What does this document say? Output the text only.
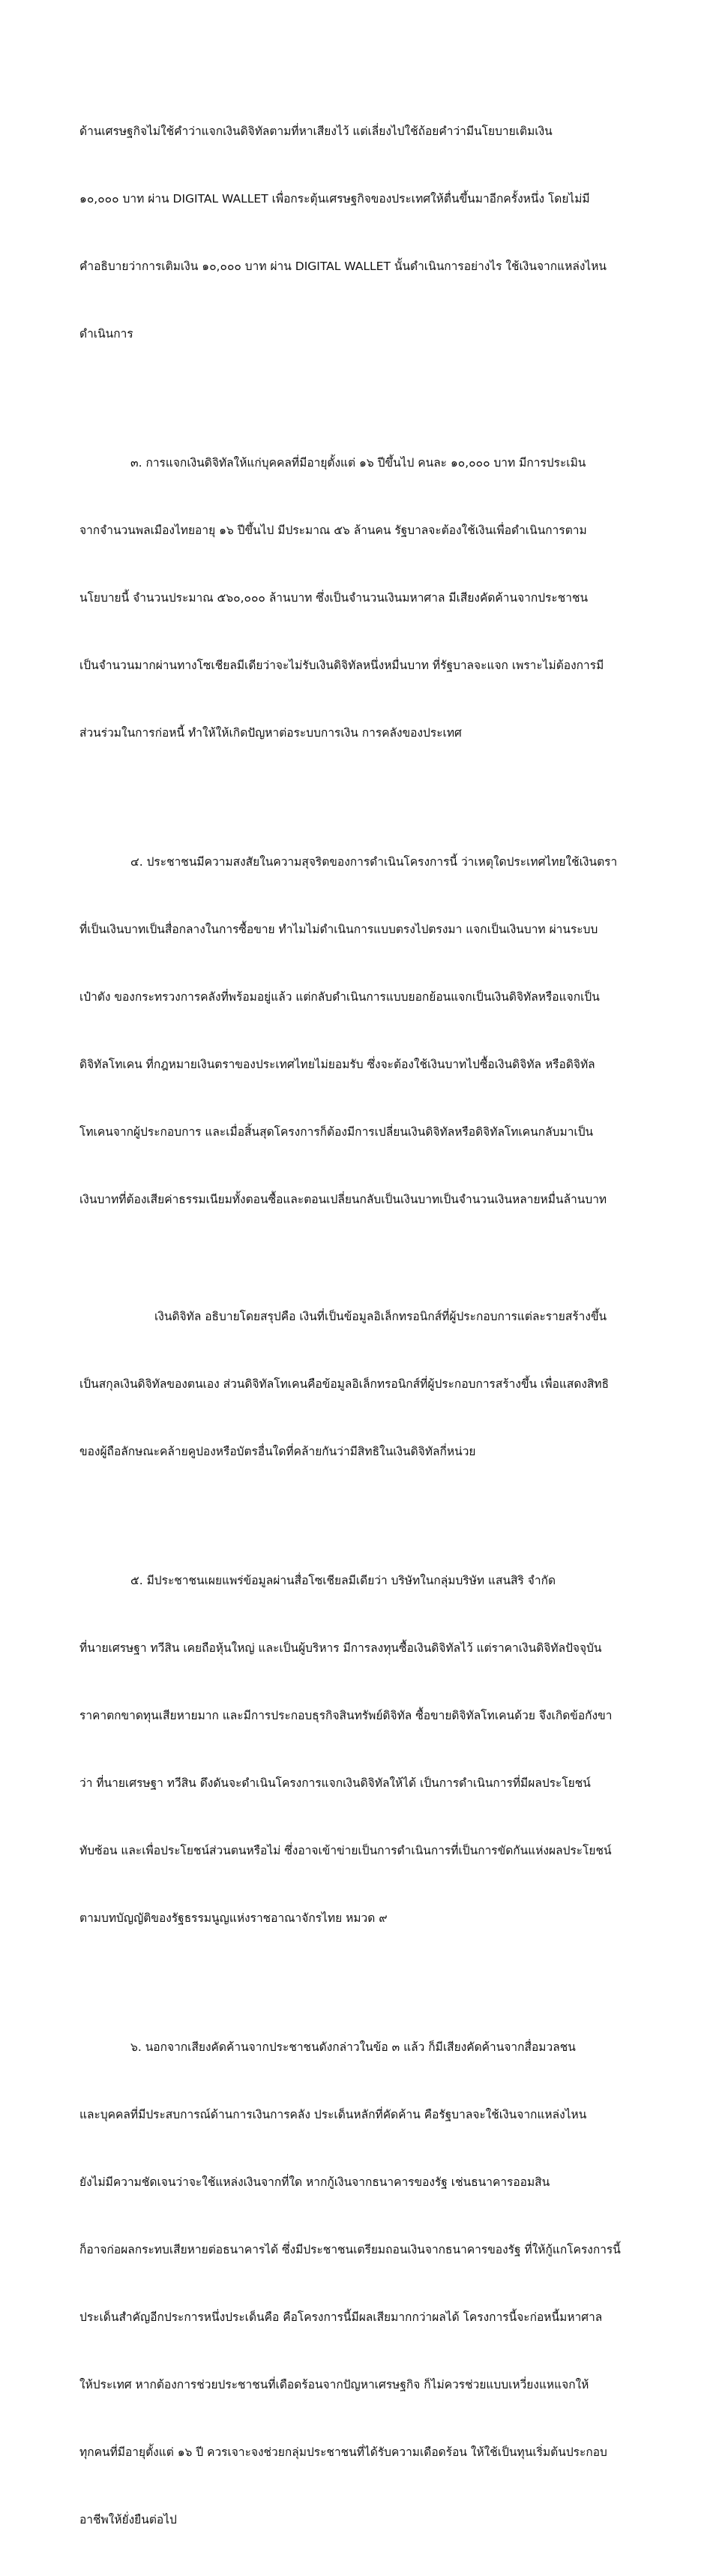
ด้านเศรษฐกิจไม่ใช้คำว่าแจกเงินดิจิทัลตามที่หาเสียงไว้ แต่เลี่ยงไปใช้ถ้อยคำว่ามีนโยบายเติมเงิน

๑๐,๐๐๐ บาท ผ่าน DIGITAL WALLET เพื่อกระตุ้นเศรษฐกิจของประเทศให้ตื่นขึ้นมาอีกครั้งหนึ่ง โดยไม่มี

คำอธิบายว่าการเติมเงิน ๑๐,๐๐๐ บาท ผ่าน DIGITAL WALLET นั้นดำเนินการอย่างไร ใช้เงินจากแหล่งไหน

ดำเนินการ

๓. การแจกเงินดิจิทัลให้แก่บุคคลที่มีอายุตั้งแต่ ๑๖ ปีขึ้นไป คนละ ๑๐,๐๐๐ บาท มีการประเมิน

จากจำนวนพลเมืองไทยอายุ ๑๖ ปีขึ้นไป มีประมาณ ๕๖ ล้านคน รัฐบาลจะต้องใช้เงินเพื่อดำเนินการตาม

นโยบายนี้ จำนวนประมาณ ๕๖๐,๐๐๐ ล้านบาท ซึ่งเป็นจำนวนเงินมหาศาล มีเสียงคัดค้านจากประชาชน

เป็นจำนวนมากผ่านทางโซเชียลมีเดียว่าจะไม่รับเงินดิจิทัลหนึ่งหมื่นบาท ที่รัฐบาลจะแจก เพราะไม่ต้องการมี

ส่วนร่วมในการก่อหนี้ ทำให้ให้เกิดปัญหาต่อระบบการเงิน การคลังของประเทศ

๔. ประชาชนมีความสงสัยในความสุจริตของการดำเนินโครงการนี้ ว่าเหตุใดประเทศไทยใช้เงินตรา

ที่เป็นเงินบาทเป็นสื่อกลางในการซื้อขาย ทำไมไม่ดำเนินการแบบตรงไปตรงมา แจกเป็นเงินบาท ผ่านระบบ

เป๋าตัง ของกระทรวงการคลังที่พร้อมอยู่แล้ว แต่กลับดำเนินการแบบยอกย้อนแจกเป็นเงินดิจิทัลหรือแจกเป็น

ดิจิทัลโทเคน ที่กฎหมายเงินตราของประเทศไทยไม่ยอมรับ ซึ่งจะต้องใช้เงินบาทไปซื้อเงินดิจิทัล หรือดิจิทัล

โทเคนจากผู้ประกอบการ และเมื่อสิ้นสุดโครงการก็ต้องมีการเปลี่ยนเงินดิจิทัลหรือดิจิทัลโทเคนกลับมาเป็น

เงินบาทที่ต้องเสียค่าธรรมเนียมทั้งตอนซื้อและตอนเปลี่ยนกลับเป็นเงินบาทเป็นจำนวนเงินหลายหมื่นล้านบาท

เงินดิจิทัล อธิบายโดยสรุปคือ เงินที่เป็นข้อมูลอิเล็กทรอนิกส์ที่ผู้ประกอบการแต่ละรายสร้างขึ้น

เป็นสกุลเงินดิจิทัลของตนเอง ส่วนดิจิทัลโทเคนคือข้อมูลอิเล็กทรอนิกส์ที่ผู้ประกอบการสร้างขึ้น เพื่อแสดงสิทธิ

ของผู้ถือลักษณะคล้ายคูปองหรือบัตรอื่นใดที่คล้ายกันว่ามีสิทธิในเงินดิจิทัลกี่หน่วย

๕. มีประชาชนเผยแพร่ข้อมูลผ่านสื่อโซเชียลมีเดียว่า บริษัทในกลุ่มบริษัท แสนสิริ จำกัด

ที่นายเศรษฐา ทวีสิน เคยถือหุ้นใหญ่ และเป็นผู้บริหาร มีการลงทุนซื้อเงินดิจิทัลไว้ แต่ราคาเงินดิจิทัลปัจจุบัน

ราคาตกขาดทุนเสียหายมาก และมีการประกอบธุรกิจสินทรัพย์ดิจิทัล ซื้อขายดิจิทัลโทเคนด้วย จึงเกิดข้อกังขา

ว่า ที่นายเศรษฐา ทวีสิน ดึงดันจะดำเนินโครงการแจกเงินดิจิทัลให้ได้ เป็นการดำเนินการที่มีผลประโยชน์

ทับซ้อน และเพื่อประโยชน์ส่วนตนหรือไม่ ซึ่งอาจเข้าข่ายเป็นการดำเนินการที่เป็นการขัดกันแห่งผลประโยชน์

ตามบทบัญญัติของรัฐธรรมนูญแห่งราชอาณาจักรไทย หมวด ๙

๖. นอกจากเสียงคัดค้านจากประชาชนดังกล่าวในข้อ ๓ แล้ว ก็มีเสียงคัดค้านจากสื่อมวลชน

และบุคคลที่มีประสบการณ์ด้านการเงินการคลัง ประเด็นหลักที่คัดค้าน คือรัฐบาลจะใช้เงินจากแหล่งไหน

ยังไม่มีความชัดเจนว่าจะใช้แหล่งเงินจากที่ใด หากกู้เงินจากธนาคารของรัฐ เช่นธนาคารออมสิน

ก็อาจก่อผลกระทบเสียหายต่อธนาคารได้ ซึ่งมีประชาชนเตรียมถอนเงินจากธนาคารของรัฐ ที่ให้กู้แกโครงการนี้

ประเด็นสำคัญอีกประการหนึ่งประเด็นคือ คือโครงการนี้มีผลเสียมากกว่าผลได้ โครงการนี้จะก่อหนี้มหาศาล

ให้ประเทศ หากต้องการช่วยประชาชนที่เดือดร้อนจากปัญหาเศรษฐกิจ ก็ไม่ควรช่วยแบบเหวี่ยงแหแจกให้

ทุกคนที่มีอายุตั้งแต่ ๑๖ ปี ควรเจาะจงช่วยกลุ่มประชาชนที่ได้รับความเดือดร้อน ให้ใช้เป็นทุนเริ่มต้นประกอบ

อาชีพให้ยั่งยืนต่อไป
